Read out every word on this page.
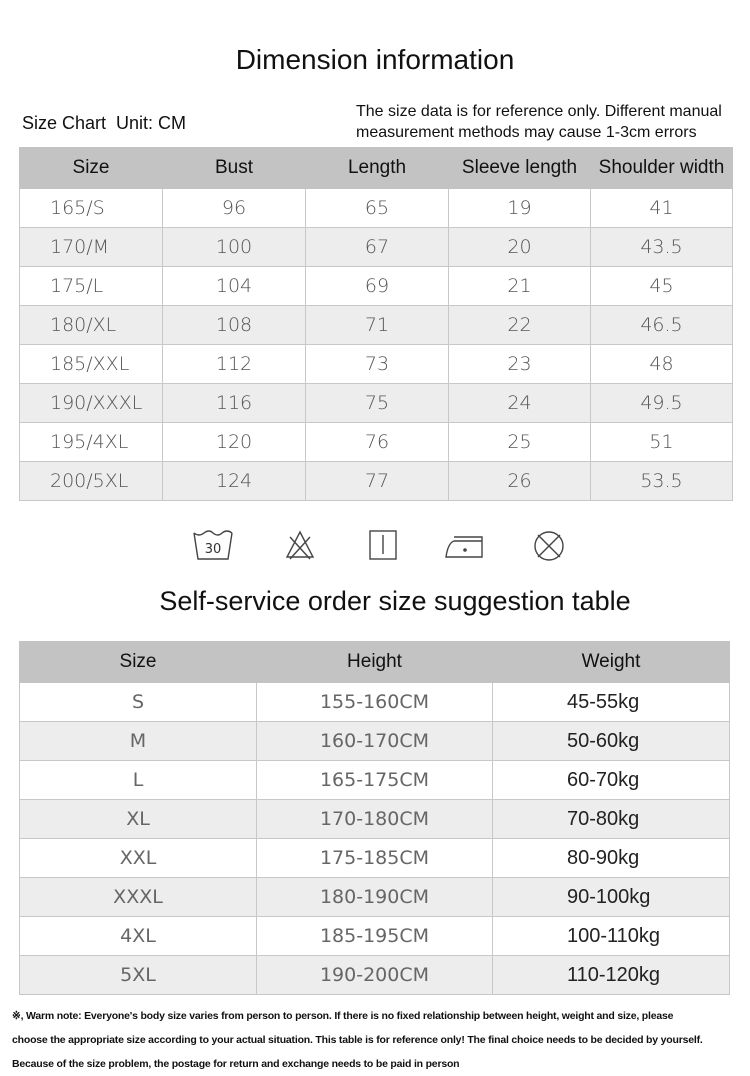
Dimension information
Size Chart  Unit: CM
The size data is for reference only. Different manual
measurement methods may cause 1-3cm errors
Size	Bust	Length	Sleeve length	Shoulder width
165/S	96	65	19	41
170/M	100	67	20	43.5
175/L	104	69	21	45
180/XL	108	71	22	46.5
185/XXL	112	73	23	48
190/XXXL	116	75	24	49.5
195/4XL	120	76	25	51
200/5XL	124	77	26	53.5
30
Self-service order size suggestion table
Size	Height	Weight
S	155-160CM	45-55kg
M	160-170CM	50-60kg
L	165-175CM	60-70kg
XL	170-180CM	70-80kg
XXL	175-185CM	80-90kg
XXXL	180-190CM	90-100kg
4XL	185-195CM	100-110kg
5XL	190-200CM	110-120kg
※, Warm note: Everyone's body size varies from person to person. If there is no fixed relationship between height, weight and size, please
choose the appropriate size according to your actual situation. This table is for reference only! The final choice needs to be decided by yourself.
Because of the size problem, the postage for return and exchange needs to be paid in person
